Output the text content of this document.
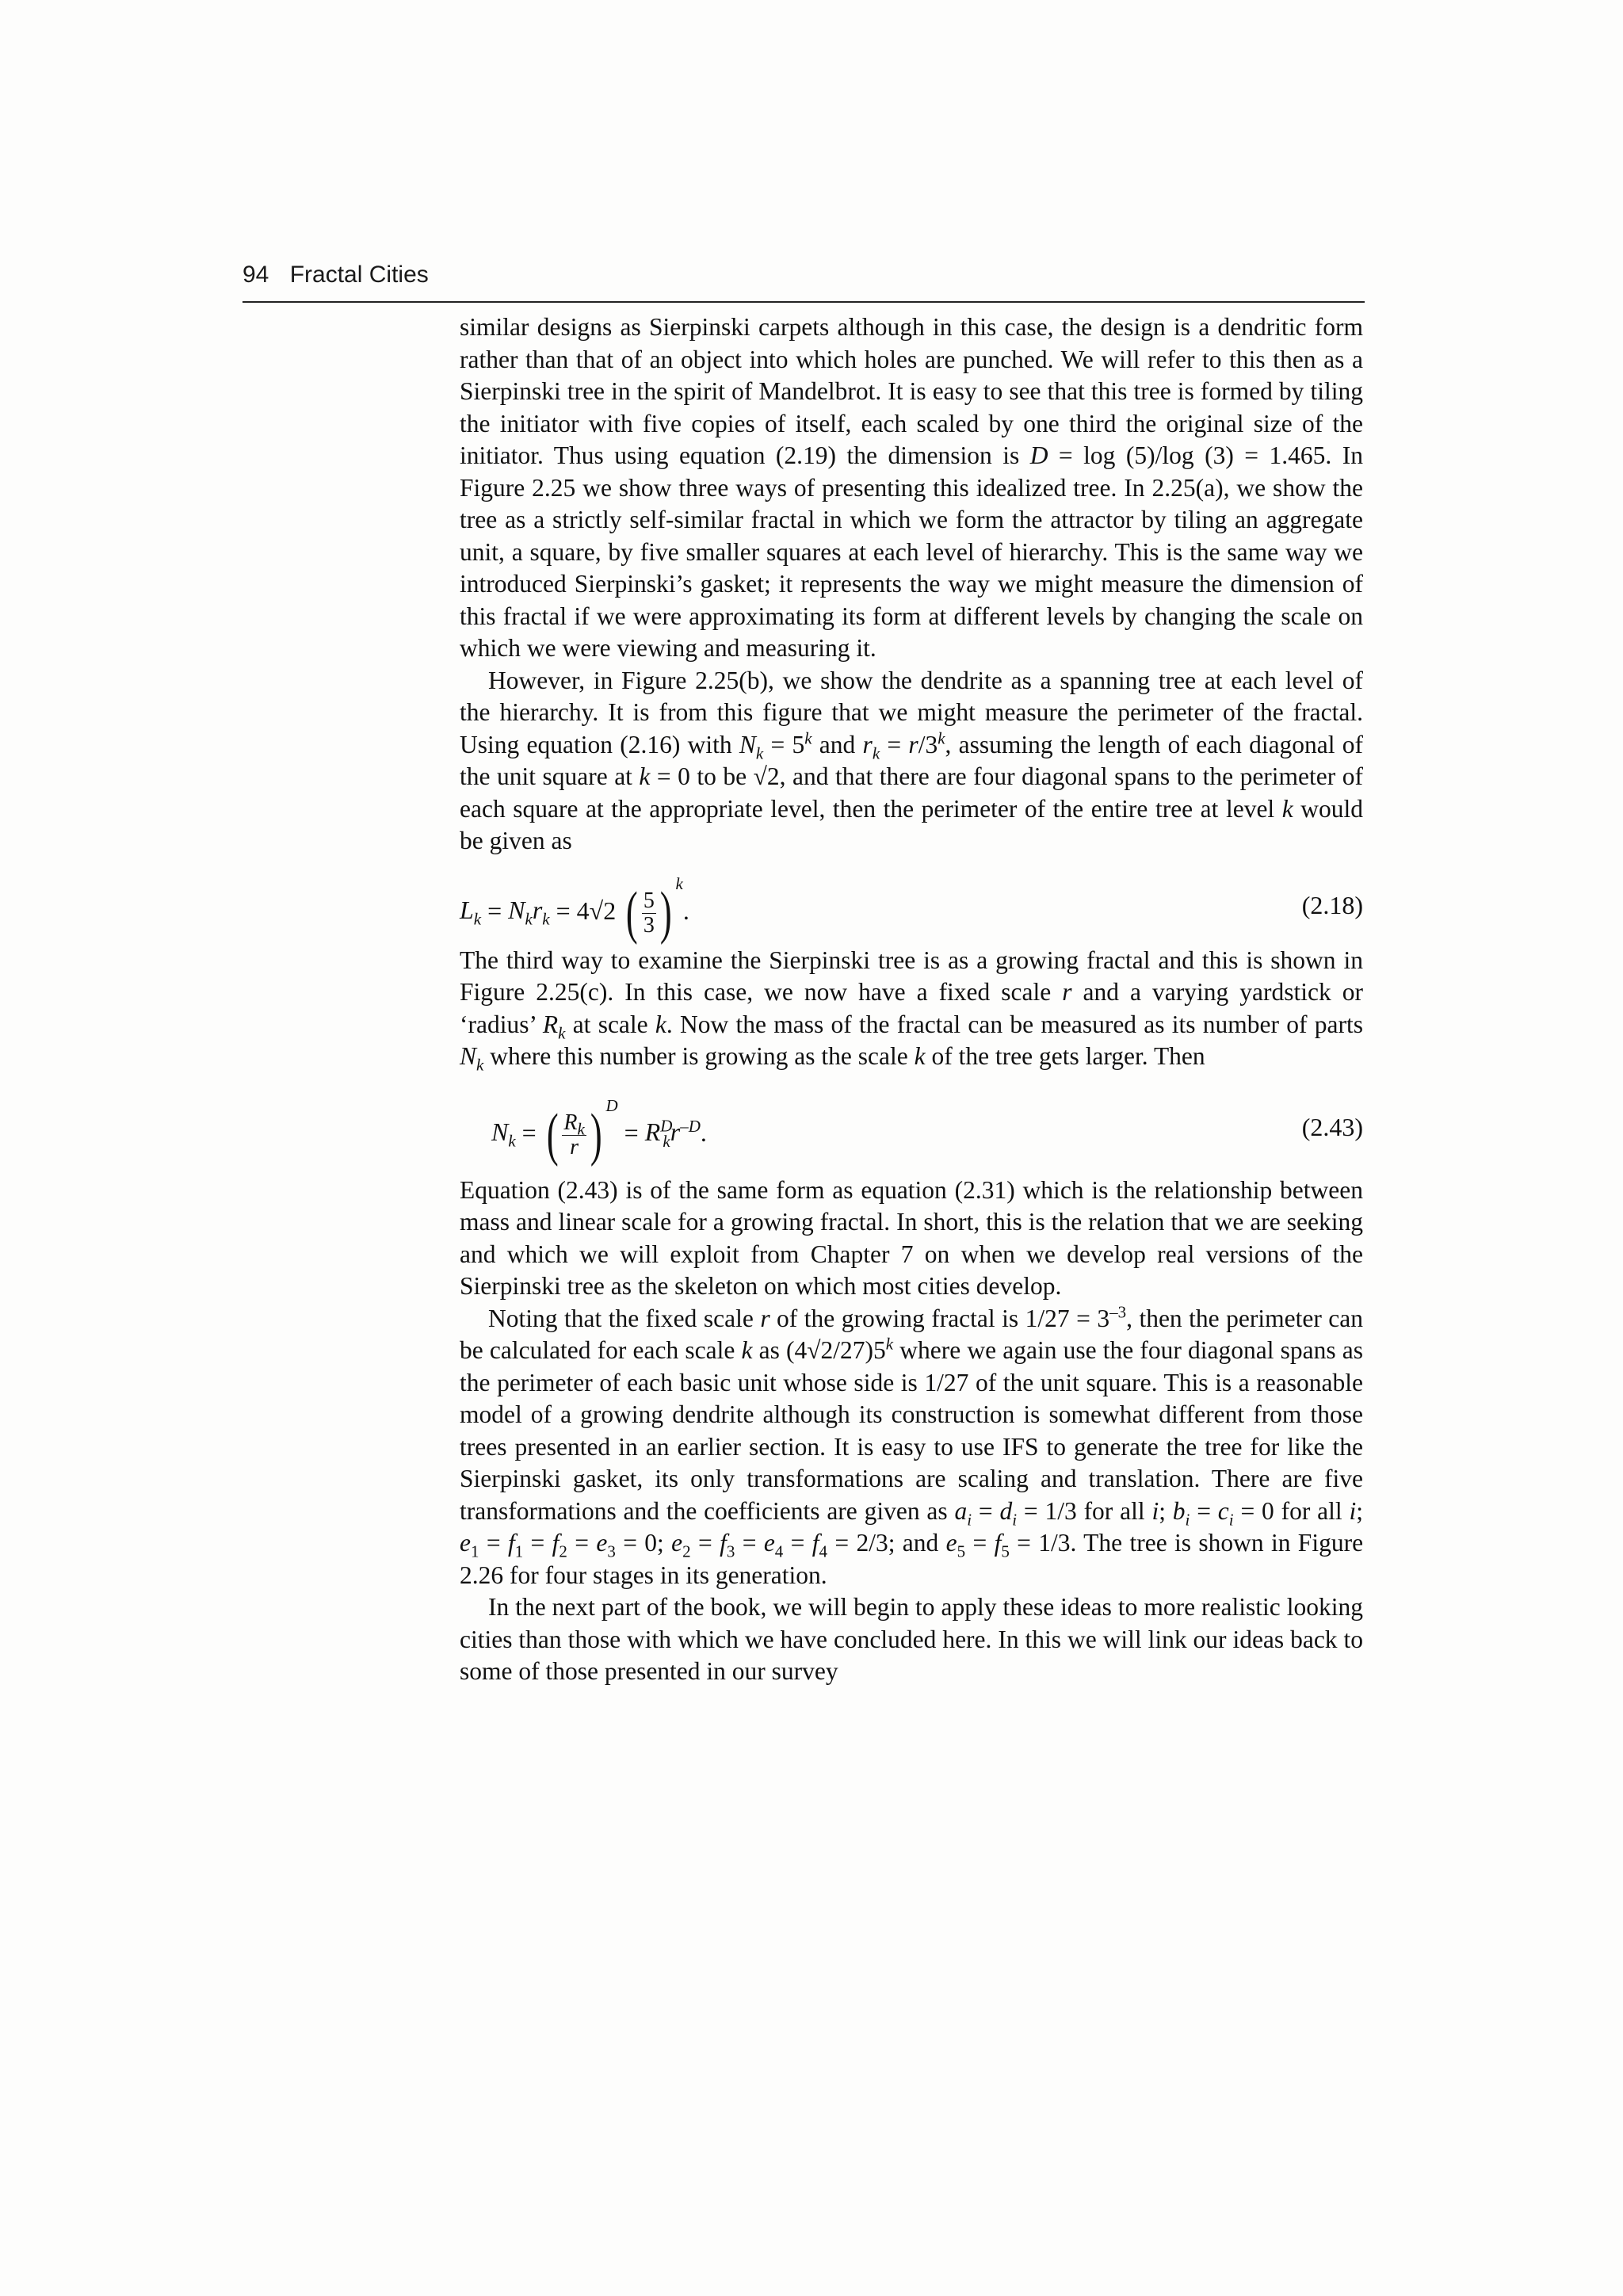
94 Fractal Cities

similar designs as Sierpinski carpets although in this case, the design is a dendritic form rather than that of an object into which holes are punched. We will refer to this then as a Sierpinski tree in the spirit of Mandelbrot. It is easy to see that this tree is formed by tiling the initiator with five copies of itself, each scaled by one third the original size of the initiator. Thus using equation (2.19) the dimension is D = log (5)/log (3) = 1.465. In Figure 2.25 we show three ways of presenting this idealized tree. In 2.25(a), we show the tree as a strictly self-similar fractal in which we form the attractor by tiling an aggregate unit, a square, by five smaller squares at each level of hierarchy. This is the same way we introduced Sierpinski’s gasket; it represents the way we might measure the dimension of this fractal if we were approximating its form at different levels by changing the scale on which we were viewing and measuring it.

However, in Figure 2.25(b), we show the dendrite as a spanning tree at each level of the hierarchy. It is from this figure that we might measure the perimeter of the fractal. Using equation (2.16) with $N_k = 5^k$ and $r_k = r/3^k$, assuming the length of each diagonal of the unit square at k = 0 to be √2, and that there are four diagonal spans to the perimeter of each square at the appropriate level, then the perimeter of the entire tree at level k would be given as

$L_k = N_kr_k = 4√2$ ( $\frac{5}{3}$ ) $^k$.	(2.18)

The third way to examine the Sierpinski tree is as a growing fractal and this is shown in Figure 2.25(c). In this case, we now have a fixed scale r and a varying yardstick or ‘radius’ $R_k$ at scale k. Now the mass of the fractal can be measured as its number of parts $N_k$ where this number is growing as the scale k of the tree gets larger. Then

$N_k$ = ( $\frac{R_k}{r}$ ) $^D = R^D_kr^{-D}$.	(2.43)

Equation (2.43) is of the same form as equation (2.31) which is the relationship between mass and linear scale for a growing fractal. In short, this is the relation that we are seeking and which we will exploit from Chapter 7 on when we develop real versions of the Sierpinski tree as the skeleton on which most cities develop.

Noting that the fixed scale r of the growing fractal is $1/27 = 3^{-3}$, then the perimeter can be calculated for each scale k as (4√2/27)5$^k$ where we again use the four diagonal spans as the perimeter of each basic unit whose side is 1/27 of the unit square. This is a reasonable model of a growing dendrite although its construction is somewhat different from those trees presented in an earlier section. It is easy to use IFS to generate the tree for like the Sierpinski gasket, its only transformations are scaling and translation. There are five transformations and the coefficients are given as $a_i = d_i = 1/3$ for all i; $b_i = c_i = 0$ for all i; $e_1 = f_1 = f_2 = e_3 = 0$; $e_2 = f_3 = e_4 = f_4 = 2/3$; and $e_5 = f_5 = 1/3$. The tree is shown in Figure 2.26 for four stages in its generation.

In the next part of the book, we will begin to apply these ideas to more realistic looking cities than those with which we have concluded here. In this we will link our ideas back to some of those presented in our survey
